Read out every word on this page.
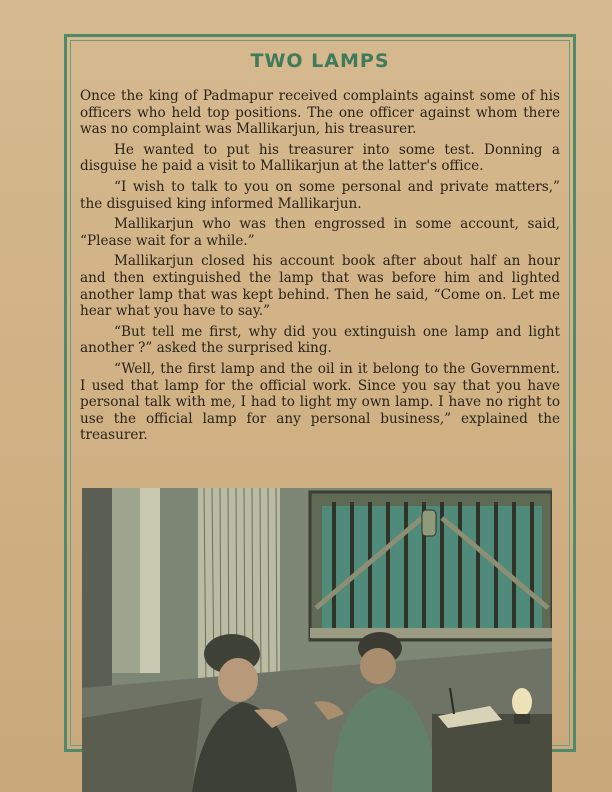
TWO LAMPS

Once the king of Padmapur received complaints against some of his officers who held top positions. The one officer against whom there was no complaint was Mallikarjun, his treasurer.

He wanted to put his treasurer into some test. Donning a disguise he paid a visit to Mallikarjun at the latter's office.

“I wish to talk to you on some personal and private matters,” the disguised king informed Mallikarjun.

Mallikarjun who was then engrossed in some account, said, “Please wait for a while.”

Mallikarjun closed his account book after about half an hour and then extinguished the lamp that was before him and lighted another lamp that was kept behind. Then he said, “Come on. Let me hear what you have to say.”

“But tell me first, why did you extinguish one lamp and light another ?” asked the surprised king.

“Well, the first lamp and the oil in it belong to the Government. I used that lamp for the official work. Since you say that you have personal talk with me, I had to light my own lamp. I have no right to use the official lamp for any personal business,” explained the treasurer.
